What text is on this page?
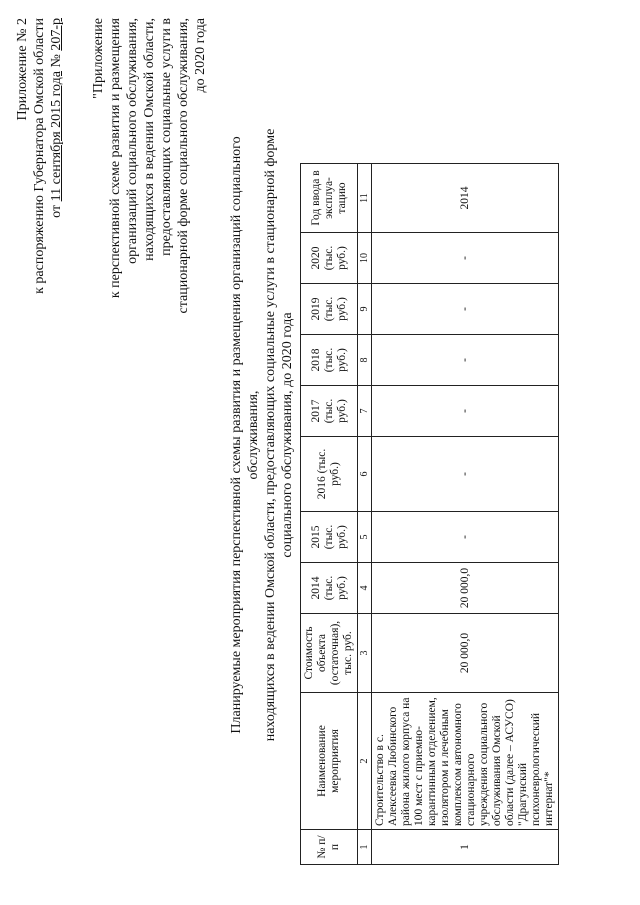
Приложение № 2 к распоряжению Губернатора Омской области от 11 сентября 2015 года № 207-р "Приложение к перспективной схеме развития и размещения организаций социального обслуживания, находящихся в ведении Омской области, предоставляющих социальные услуги в стационарной форме социального обслуживания, до 2020 года
Планируемые мероприятия перспективной схемы развития и размещения организаций социального обслуживания, находящихся в ведении Омской области, предоставляющих социальные услуги в стационарной форме социального обслуживания, до 2020 года
№ п/п	Наименование мероприятия	Стоимость объекта (остаточная), тыс. руб.	2014 (тыс. руб.)	2015 (тыс. руб.)	2016 (тыс. руб.)	2017 (тыс. руб.)	2018 (тыс. руб.)	2019 (тыс. руб.)	2020 (тыс. руб.)	Год ввода в эксплуа-тацию
1	2	3	4	5	6	7	8	9	10	11
1	Строительство в с. Алексеевка Любинского района жилого корпуса на 100 мест с приемно-карантинным отделением, изолятором и лечебным комплексом автономного стационарного учреждения социального обслуживания Омской области (далее – АСУСО) "Драгунский психоневрологический интернат"*	20 000,0	20 000,0	-	-	-	-	-	-	2014
